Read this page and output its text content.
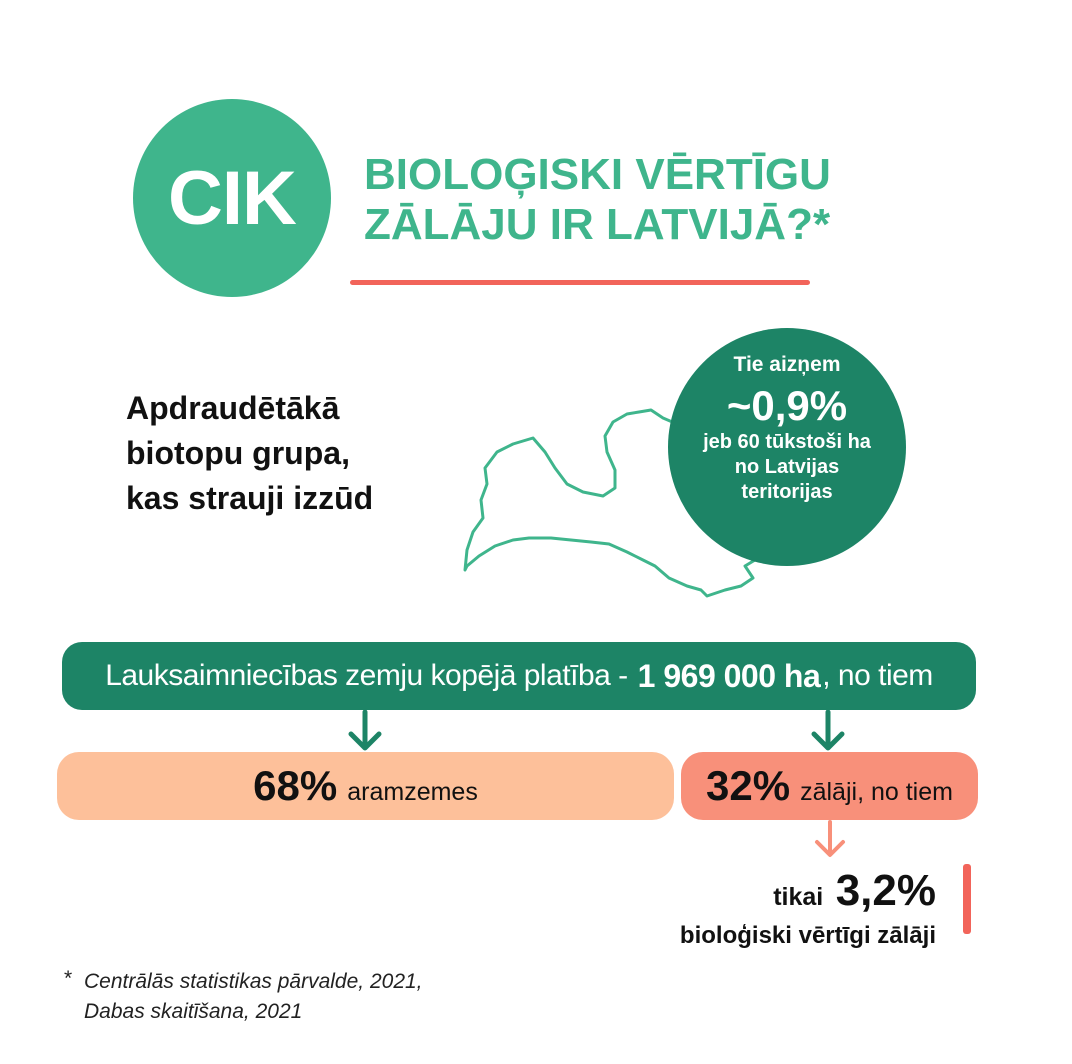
CIK BIOLOĢISKI VĒRTĪGU
ZĀLĀJU IR LATVIJĀ?*
Apdraudētākā
biotopu grupa,
kas strauji izzūd
Tie aizņem
~0,9%
jeb 60 tūkstoši ha
no Latvijas
teritorijas
Lauksaimniecības zemju kopējā platība - 1 969 000 ha , no tiem
68% aramzemes	32% zālāji, no tiem
tikai 3,2%
bioloģiski vērtīgi zālāji
* Centrālās statistikas pārvalde, 2021,
Dabas skaitīšana, 2021
